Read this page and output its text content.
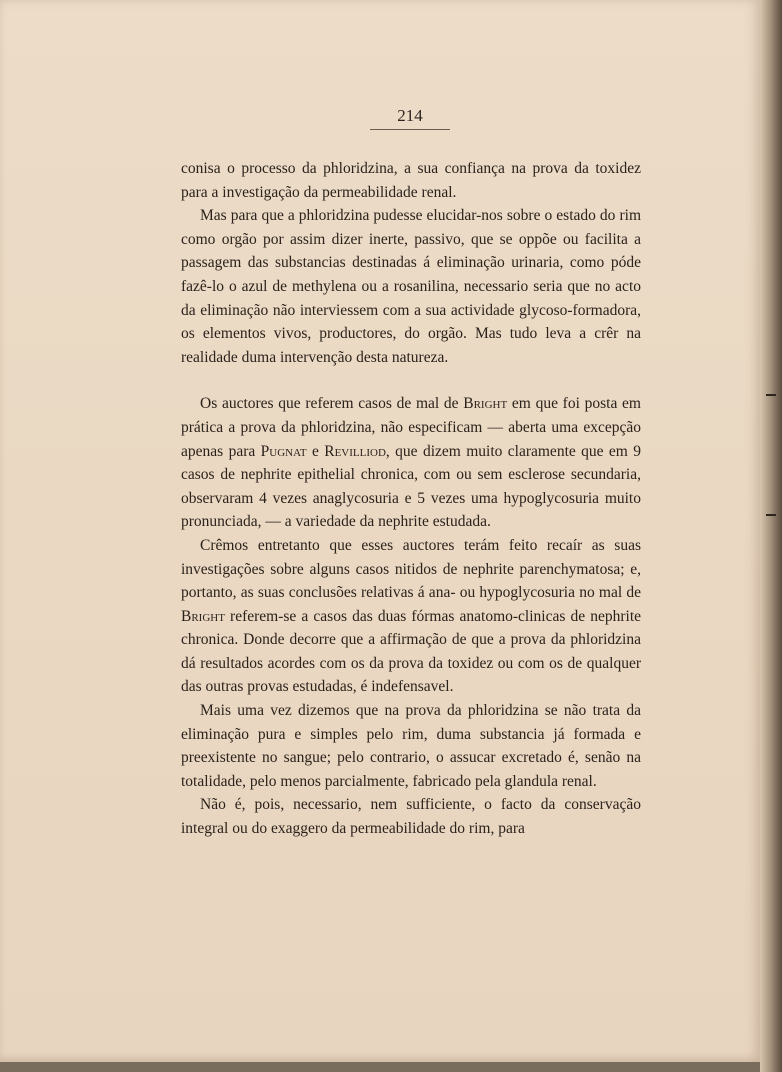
214

conisa o processo da phloridzina, a sua confiança na prova da toxidez para a investigação da permeabilidade renal.

Mas para que a phloridzina pudesse elucidar-nos sobre o estado do rim como orgão por assim dizer inerte, passivo, que se oppõe ou facilita a passagem das substancias destinadas á eliminação urinaria, como póde fazê-lo o azul de methylena ou a rosanilina, necessario seria que no acto da eliminação não interviessem com a sua actividade glycoso-formadora, os elementos vivos, productores, do orgão. Mas tudo leva a crêr na realidade duma intervenção desta natureza.

Os auctores que referem casos de mal de Bright em que foi posta em prática a prova da phloridzina, não especificam — aberta uma excepção apenas para Pugnat e Revilliod, que dizem muito claramente que em 9 casos de nephrite epithelial chronica, com ou sem esclerose secundaria, observaram 4 vezes anaglycosuria e 5 vezes uma hypoglycosuria muito pronunciada, — a variedade da nephrite estudada.

Crêmos entretanto que esses auctores terám feito recaír as suas investigações sobre alguns casos nitidos de nephrite parenchymatosa; e, portanto, as suas conclusões relativas á ana- ou hypoglycosuria no mal de Bright referem-se a casos das duas fórmas anatomo-clinicas de nephrite chronica. Donde decorre que a affirmação de que a prova da phloridzina dá resultados acordes com os da prova da toxidez ou com os de qualquer das outras provas estudadas, é indefensavel.

Mais uma vez dizemos que na prova da phloridzina se não trata da eliminação pura e simples pelo rim, duma substancia já formada e preexistente no sangue; pelo contrario, o assucar excretado é, senão na totalidade, pelo menos parcialmente, fabricado pela glandula renal.

Não é, pois, necessario, nem sufficiente, o facto da conservação integral ou do exaggero da permeabilidade do rim, para
